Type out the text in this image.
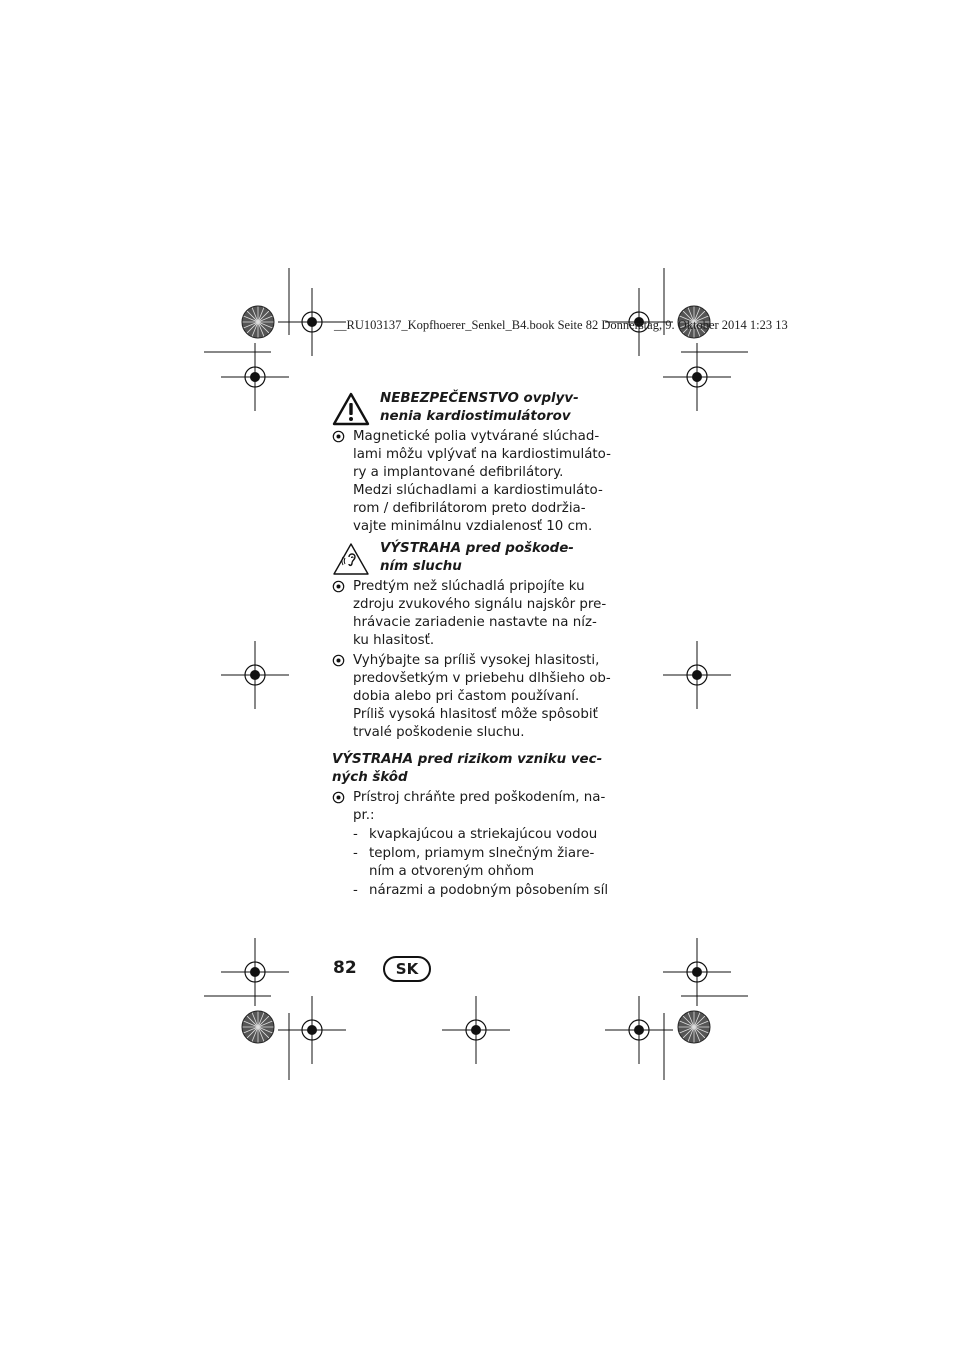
__RU103137_Kopfhoerer_Senkel_B4.book Seite 82 Donnerstag, 9. Oktober 2014 1:23 13
NEBEZPEČENSTVO ovplyv-
nenia kardiostimulátorov
Magnetické polia vytvárané slúchad-
lami môžu vplývať na kardiostimuláto-
ry a implantované defibrilátory.
Medzi slúchadlami a kardiostimuláto-
rom / defibrilátorom preto dodržia-
vajte minimálnu vzdialenosť 10 cm.
VÝSTRAHA pred poškode-
ním sluchu
Predtým než slúchadlá pripojíte ku
zdroju zvukového signálu najskôr pre-
hrávacie zariadenie nastavte na níz-
ku hlasitosť.
Vyhýbajte sa príliš vysokej hlasitosti,
predovšetkým v priebehu dlhšieho ob-
dobia alebo pri častom používaní.
Príliš vysoká hlasitosť môže spôsobiť
trvalé poškodenie sluchu.
VÝSTRAHA pred rizikom vzniku vec-
ných škôd
Prístroj chráňte pred poškodením, na-
pr.:
- kvapkajúcou a striekajúcou vodou
- teplom, priamym slnečným žiare-
ním a otvoreným ohňom
- nárazmi a podobným pôsobením síl
82	SK
